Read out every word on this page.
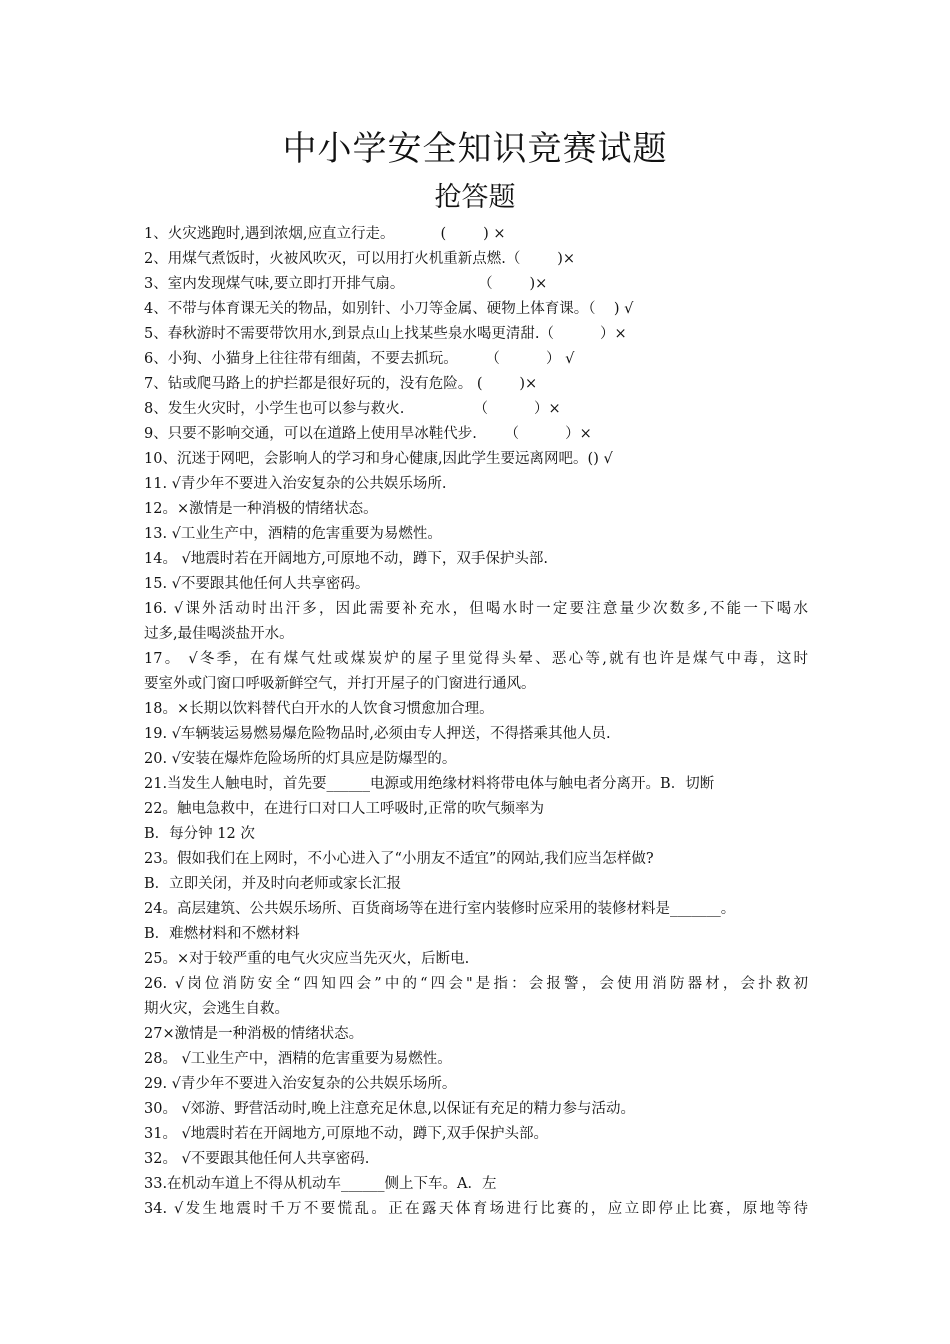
中小学安全知识竞赛试题
抢答题
1、火灾逃跑时,遇到浓烟,应直立行走。          (        ) ×
2、用煤气煮饭时，火被风吹灭，可以用打火机重新点燃.（        )×
3、室内发现煤气味,要立即打开排气扇。                （        )×
4、不带与体育课无关的物品，如别针、小刀等金属、硬物上体育课。（    ) √
5、春秋游时不需要带饮用水,到景点山上找某些泉水喝更清甜.（          ）×
6、小狗、小猫身上往往带有细菌，不要去抓玩。      （          ） √
7、钻或爬马路上的护拦都是很好玩的，没有危险。 (        )×
8、发生火灾时，小学生也可以参与救火.               （          ）×
9、只要不影响交通，可以在道路上使用旱冰鞋代步.      （          ）×
10、沉迷于网吧，会影响人的学习和身心健康,因此学生要远离网吧。() √
11. √青少年不要进入治安复杂的公共娱乐场所.
12。×激情是一种消极的情绪状态。
13. √工业生产中，酒精的危害重要为易燃性。
14。 √地震时若在开阔地方,可原地不动，蹲下，双手保护头部.
15. √不要跟其他任何人共享密码。
16. √课外活动时出汗多，因此需要补充水，但喝水时一定要注意量少次数多,不能一下喝水
过多,最佳喝淡盐开水。
17。 √冬季，在有煤气灶或煤炭炉的屋子里觉得头晕、恶心等,就有也许是煤气中毒，这时
要室外或门窗口呼吸新鲜空气，并打开屋子的门窗进行通风。
18。×长期以饮料替代白开水的人饮食习惯愈加合理。
19. √车辆装运易燃易爆危险物品时,必须由专人押送，不得搭乘其他人员.
20. √安装在爆炸危险场所的灯具应是防爆型的。
21.当发生人触电时，首先要______电源或用绝缘材料将带电体与触电者分离开。B．切断
22。触电急救中，在进行口对口人工呼吸时,正常的吹气频率为
B．每分钟 12 次
23。假如我们在上网时，不小心进入了“小朋友不适宜”的网站,我们应当怎样做?
B．立即关闭，并及时向老师或家长汇报
24。高层建筑、公共娱乐场所、百货商场等在进行室内装修时应采用的装修材料是_______。
B．难燃材料和不燃材料
25。×对于较严重的电气火灾应当先灭火，后断电.
26. √岗位消防安全“四知四会”中的“四会"是指：会报警，会使用消防器材，会扑救初
期火灾，会逃生自救。
27×激情是一种消极的情绪状态。
28。 √工业生产中，酒精的危害重要为易燃性。
29. √青少年不要进入治安复杂的公共娱乐场所。
30。 √郊游、野营活动时,晚上注意充足休息,以保证有充足的精力参与活动。
31。 √地震时若在开阔地方,可原地不动，蹲下,双手保护头部。
32。 √不要跟其他任何人共享密码.
33.在机动车道上不得从机动车______侧上下车。A．左
34. √发生地震时千万不要慌乱。正在露天体育场进行比赛的，应立即停止比赛，原地等待
